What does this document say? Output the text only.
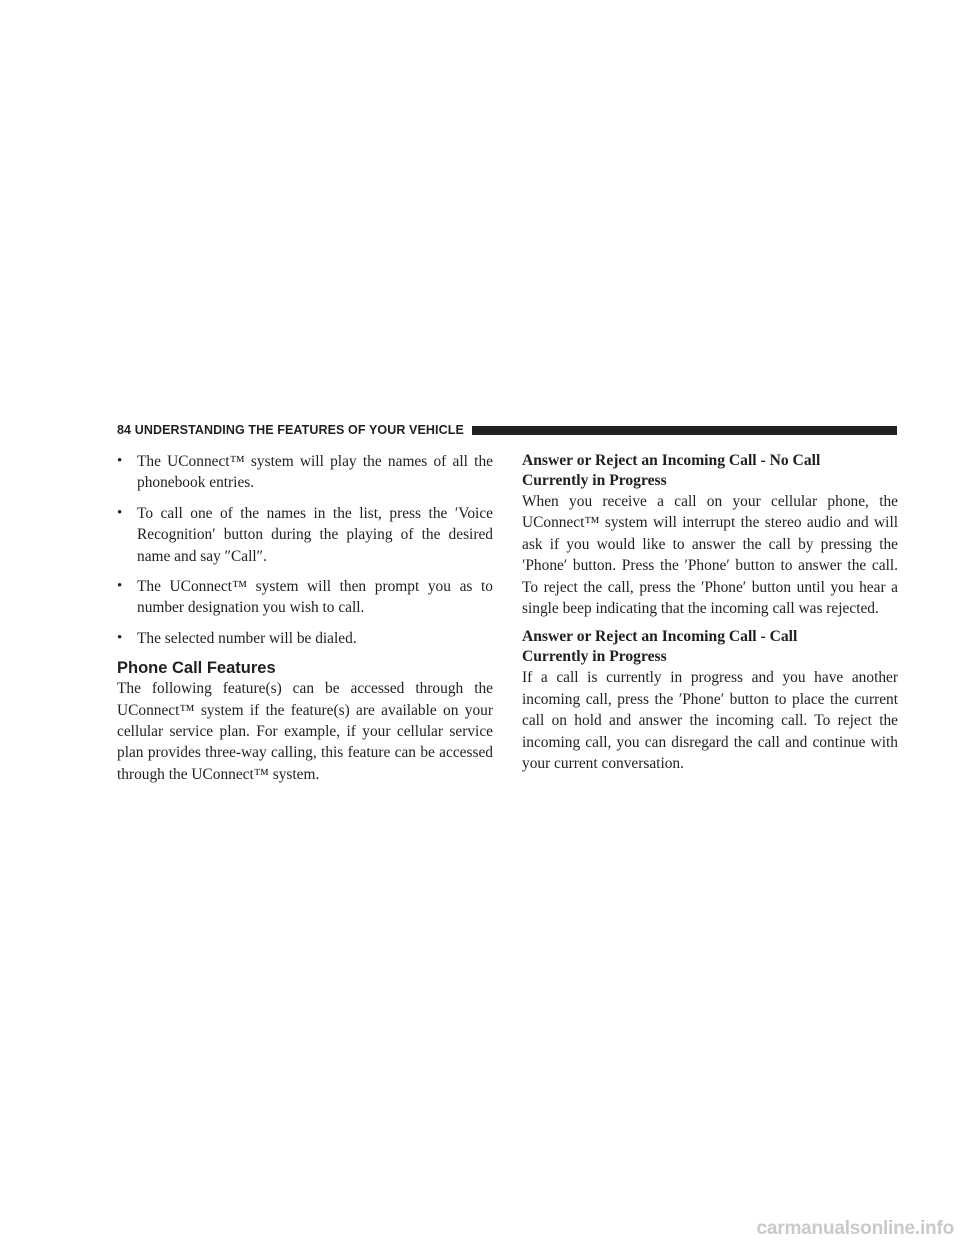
84 UNDERSTANDING THE FEATURES OF YOUR VEHICLE
• The UConnect™ system will play the names of all the phonebook entries.
• To call one of the names in the list, press the ′Voice Recognition′ button during the playing of the desired name and say ″Call″.
• The UConnect™ system will then prompt you as to number designation you wish to call.
• The selected number will be dialed.
Phone Call Features

The following feature(s) can be accessed through the UConnect™ system if the feature(s) are available on your cellular service plan. For example, if your cellular service plan provides three-way calling, this feature can be accessed through the UConnect™ system.

Answer or Reject an Incoming Call - No Call
Currently in Progress

When you receive a call on your cellular phone, the UConnect™ system will interrupt the stereo audio and will ask if you would like to answer the call by pressing the ′Phone′ button. Press the ′Phone′ button to answer the call. To reject the call, press the ′Phone′ button until you hear a single beep indicating that the incoming call was rejected.

Answer or Reject an Incoming Call - Call
Currently in Progress

If a call is currently in progress and you have another incoming call, press the ′Phone′ button to place the current call on hold and answer the incoming call. To reject the incoming call, you can disregard the call and continue with your current conversation.

carmanualsonline.info
